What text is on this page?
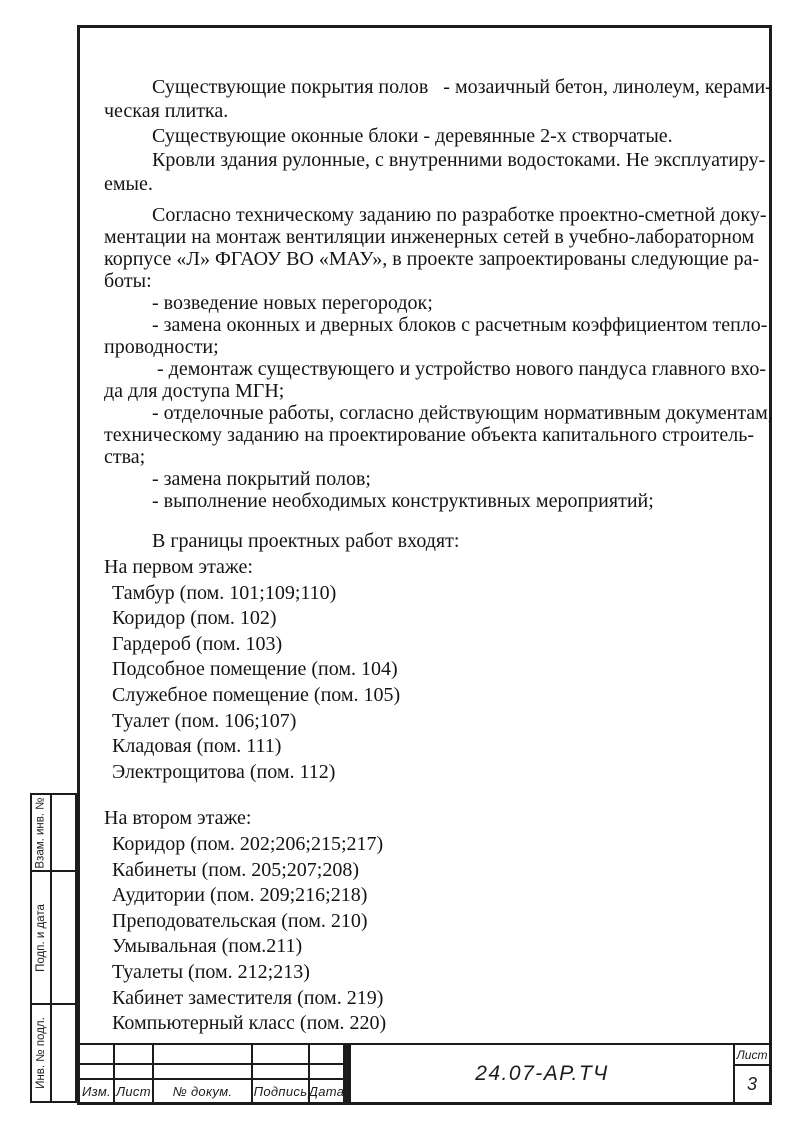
Взам. инв. №
Подп. и дата
Инв. № подл.
Существующие покрытия полов   - мозаичный бетон, линолеум, керами-
ческая плитка.
Существующие оконные блоки - деревянные 2-х створчатые.
Кровли здания рулонные, с внутренними водостоками. Не эксплуатиру-
емые.
Согласно техническому заданию по разработке проектно-сметной доку-
ментации на монтаж вентиляции инженерных сетей в учебно-лабораторном
корпусе «Л» ФГАОУ ВО «МАУ», в проекте запроектированы следующие ра-
боты:
- возведение новых перегородок;
- замена оконных и дверных блоков с расчетным коэффициентом тепло-
проводности;
- демонтаж существующего и устройство нового пандуса главного вхо-
да для доступа МГН;
- отделочные работы, согласно действующим нормативным документам,
техническому заданию на проектирование объекта капитального строитель-
ства;
- замена покрытий полов;
- выполнение необходимых конструктивных мероприятий;
В границы проектных работ входят:
На первом этаже:
Тамбур (пом. 101;109;110)
Коридор (пом. 102)
Гардероб (пом. 103)
Подсобное помещение (пом. 104)
Служебное помещение (пом. 105)
Туалет (пом. 106;107)
Кладовая (пом. 111)
Электрощитова (пом. 112)
На втором этаже:
Коридор (пом. 202;206;215;217)
Кабинеты (пом. 205;207;208)
Аудитории (пом. 209;216;218)
Преподовательская (пом. 210)
Умывальная (пом.211)
Туалеты (пом. 212;213)
Кабинет заместителя (пом. 219)
Компьютерный класс (пом. 220)
Изм. Лист	№ докум.	Подпись Дата
24.07-АР.ТЧ
Лист
3
